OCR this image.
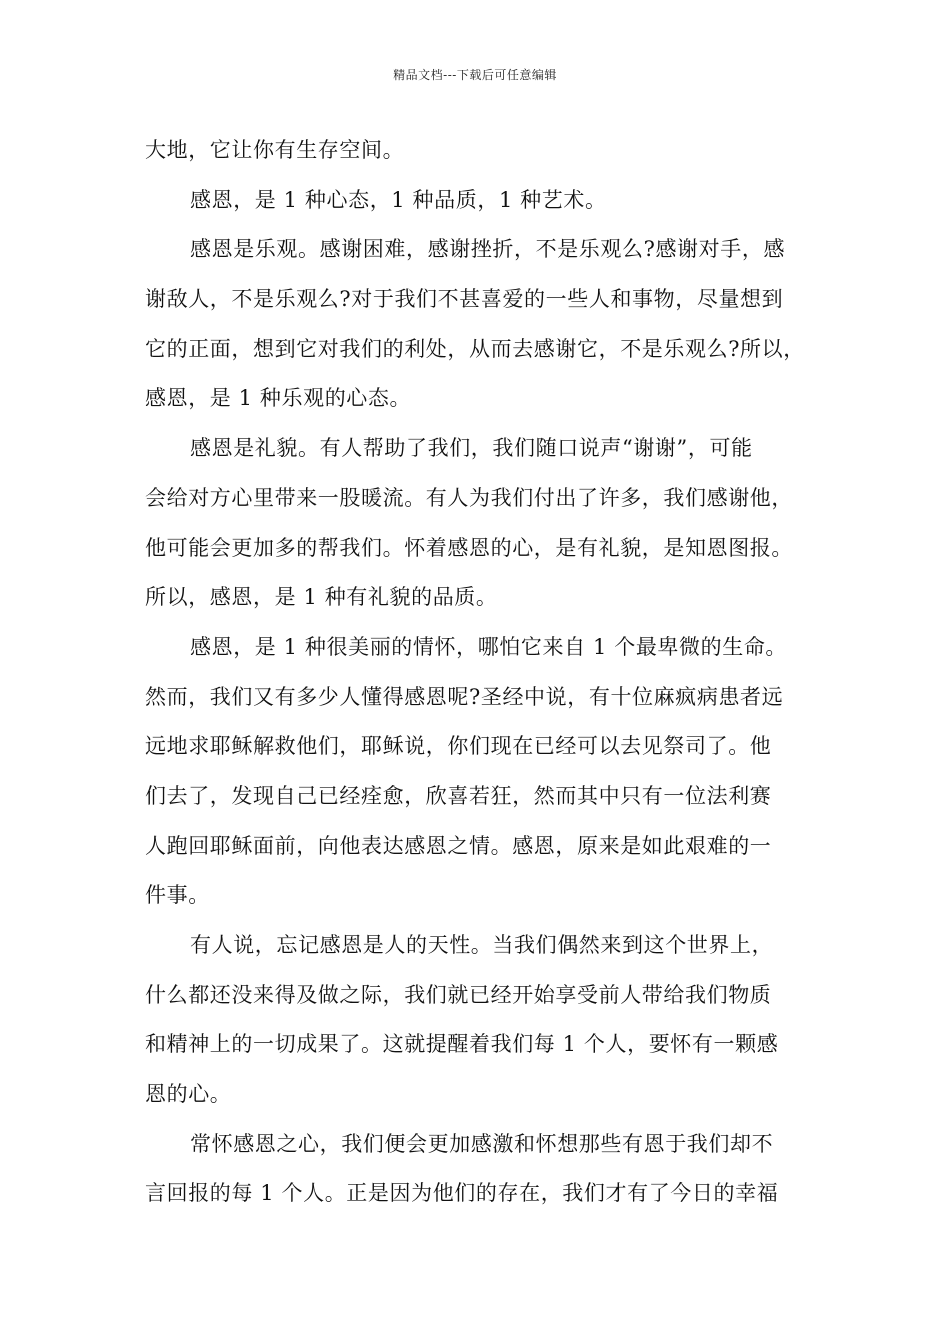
精品文档---下载后可任意编辑
大地，它让你有生存空间。
感恩，是 1 种心态，1 种品质，1 种艺术。
感恩是乐观。感谢困难，感谢挫折，不是乐观么?感谢对手，感
谢敌人，不是乐观么?对于我们不甚喜爱的一些人和事物，尽量想到
它的正面，想到它对我们的利处，从而去感谢它，不是乐观么?所以，
感恩，是 1 种乐观的心态。
感恩是礼貌。有人帮助了我们，我们随口说声“谢谢”，可能
会给对方心里带来一股暖流。有人为我们付出了许多，我们感谢他，
他可能会更加多的帮我们。怀着感恩的心，是有礼貌，是知恩图报。
所以，感恩，是 1 种有礼貌的品质。
感恩，是 1 种很美丽的情怀，哪怕它来自 1 个最卑微的生命。
然而，我们又有多少人懂得感恩呢?圣经中说，有十位麻疯病患者远
远地求耶稣解救他们，耶稣说，你们现在已经可以去见祭司了。他
们去了，发现自己已经痊愈，欣喜若狂，然而其中只有一位法利赛
人跑回耶稣面前，向他表达感恩之情。感恩，原来是如此艰难的一
件事。
有人说，忘记感恩是人的天性。当我们偶然来到这个世界上，
什么都还没来得及做之际，我们就已经开始享受前人带给我们物质
和精神上的一切成果了。这就提醒着我们每 1 个人，要怀有一颗感
恩的心。
常怀感恩之心，我们便会更加感激和怀想那些有恩于我们却不
言回报的每 1 个人。正是因为他们的存在，我们才有了今日的幸福
